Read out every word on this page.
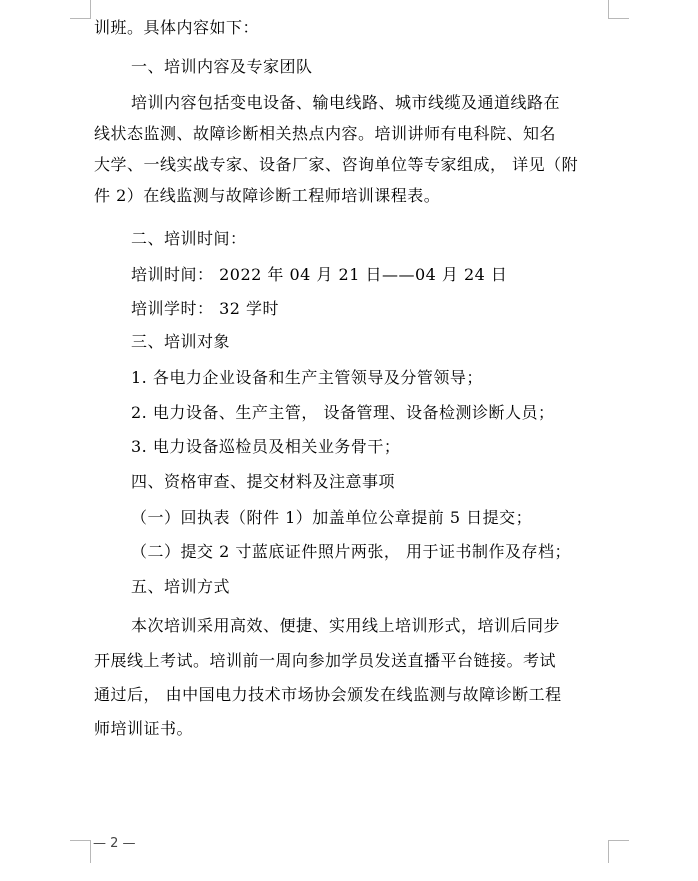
训班。具体内容如下：
一、培训内容及专家团队
培训内容包括变电设备、输电线路、城市线缆及通道线路在
线状态监测、故障诊断相关热点内容。培训讲师有电科院、知名
大学、一线实战专家、设备厂家、咨询单位等专家组成， 详见（附
件 2）在线监测与故障诊断工程师培训课程表。
二、培训时间：
培训时间： 2022 年 04 月 21 日——04 月 24 日
培训学时： 32 学时
三、培训对象
1. 各电力企业设备和生产主管领导及分管领导；
2. 电力设备、生产主管， 设备管理、设备检测诊断人员；
3. 电力设备巡检员及相关业务骨干；
四、资格审查、提交材料及注意事项
（一）回执表（附件 1）加盖单位公章提前 5 日提交；
（二）提交 2 寸蓝底证件照片两张， 用于证书制作及存档；
五、培训方式
本次培训采用高效、便捷、实用线上培训形式，培训后同步
开展线上考试。培训前一周向参加学员发送直播平台链接。考试
通过后， 由中国电力技术市场协会颁发在线监测与故障诊断工程
师培训证书。
— 2 —
